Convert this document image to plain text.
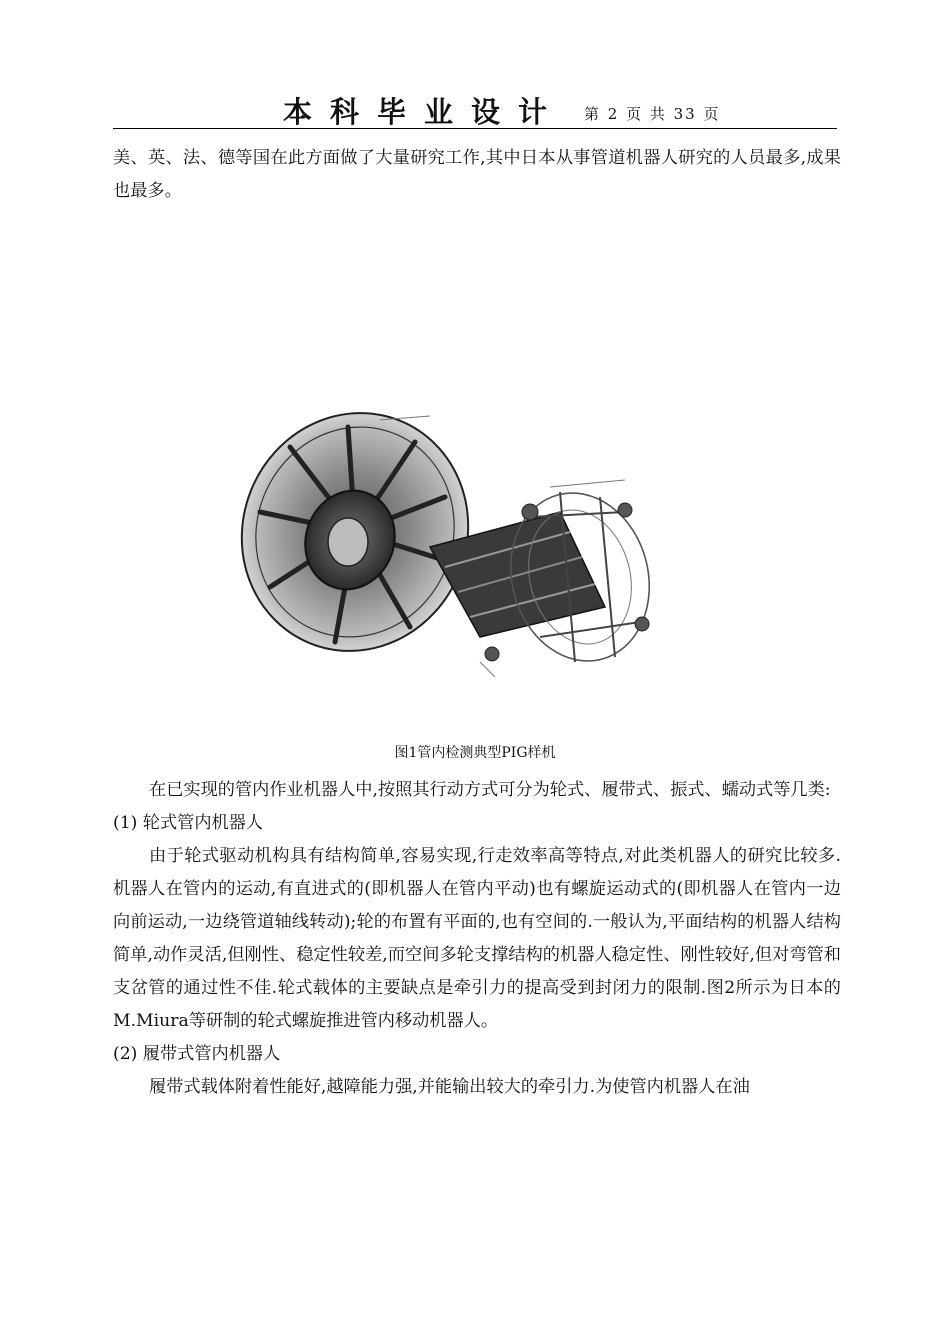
本科毕业设计 第 2 页 共 33 页

美、英、法、德等国在此方面做了大量研究工作,其中日本从事管道机器人研究的人员最多,成果也最多。

图1管内检测典型PIG样机

在已实现的管内作业机器人中,按照其行动方式可分为轮式、履带式、振式、蠕动式等几类:

(1) 轮式管内机器人

由于轮式驱动机构具有结构简单,容易实现,行走效率高等特点,对此类机器人的研究比较多.机器人在管内的运动,有直进式的(即机器人在管内平动)也有螺旋运动式的(即机器人在管内一边向前运动,一边绕管道轴线转动);轮的布置有平面的,也有空间的.一般认为,平面结构的机器人结构简单,动作灵活,但刚性、稳定性较差,而空间多轮支撑结构的机器人稳定性、刚性较好,但对弯管和支岔管的通过性不佳.轮式载体的主要缺点是牵引力的提高受到封闭力的限制.图2所示为日本的M.Miura等研制的轮式螺旋推进管内移动机器人。

(2) 履带式管内机器人

履带式载体附着性能好,越障能力强,并能输出较大的牵引力.为使管内机器人在油
